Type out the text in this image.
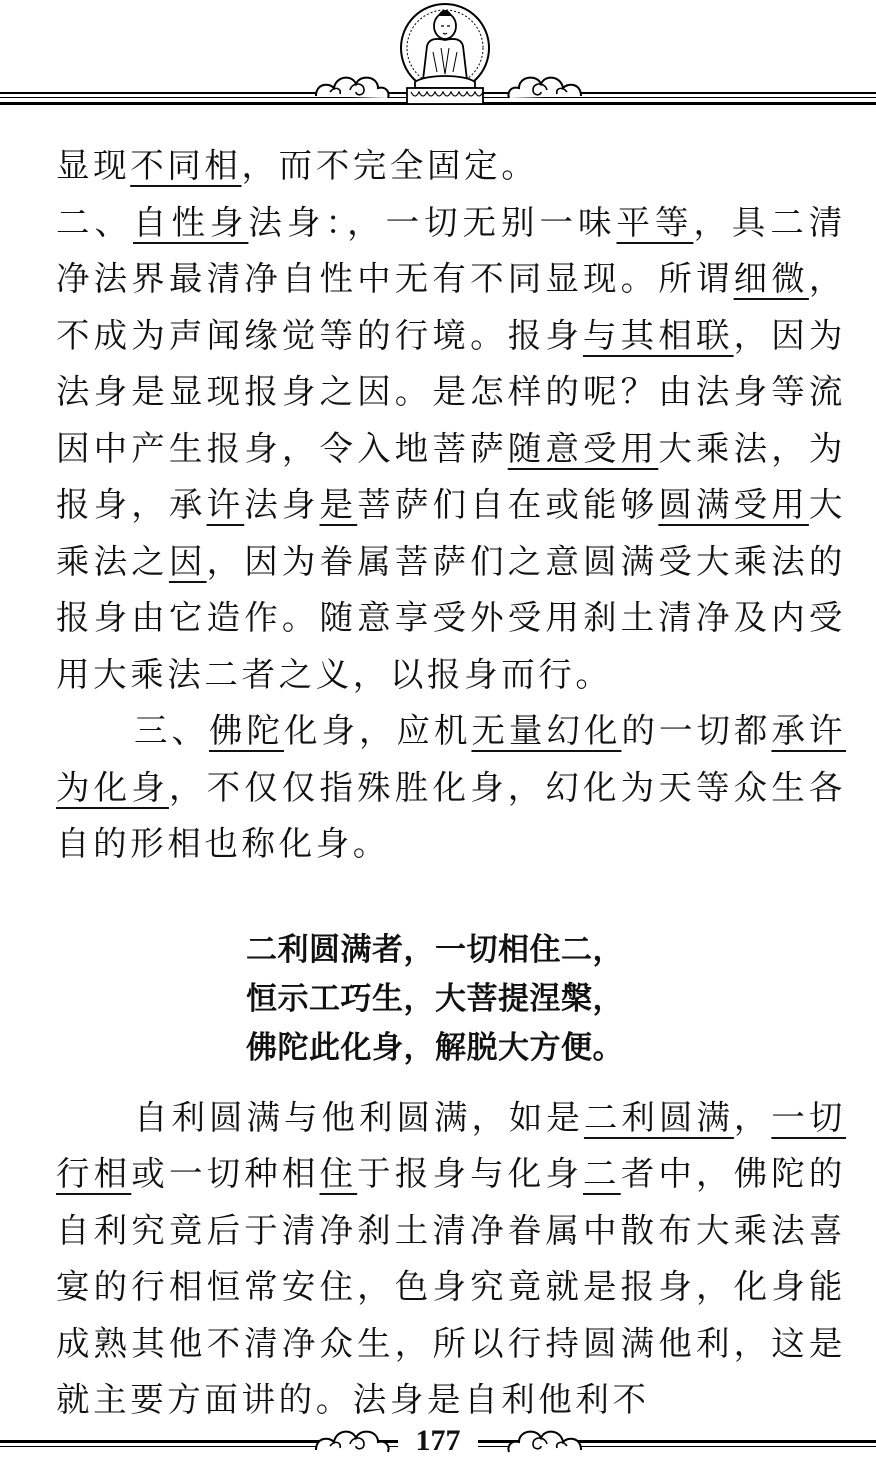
显现不同相，而不完全固定。

二、自性身法身：，一切无别一味平等，具二清净法界最清净自性中无有不同显现。所谓细微，不成为声闻缘觉等的行境。报身与其相联，因为法身是显现报身之因。是怎样的呢？由法身等流因中产生报身，令入地菩萨随意受用大乘法，为报身，承许法身是菩萨们自在或能够圆满受用大乘法之因，因为眷属菩萨们之意圆满受大乘法的报身由它造作。随意享受外受用刹土清净及内受用大乘法二者之义，以报身而行。

三、佛陀化身，应机无量幻化的一切都承许为化身，不仅仅指殊胜化身，幻化为天等众生各自的形相也称化身。

二利圆满者，一切相住二，
恒示工巧生，大菩提涅槃，
佛陀此化身，解脱大方便。

自利圆满与他利圆满，如是二利圆满，一切行相或一切种相住于报身与化身二者中，佛陀的自利究竟后于清净刹土清净眷属中散布大乘法喜宴的行相恒常安住，色身究竟就是报身，化身能成熟其他不清净众生，所以行持圆满他利，这是就主要方面讲的。法身是自利他利不

177
